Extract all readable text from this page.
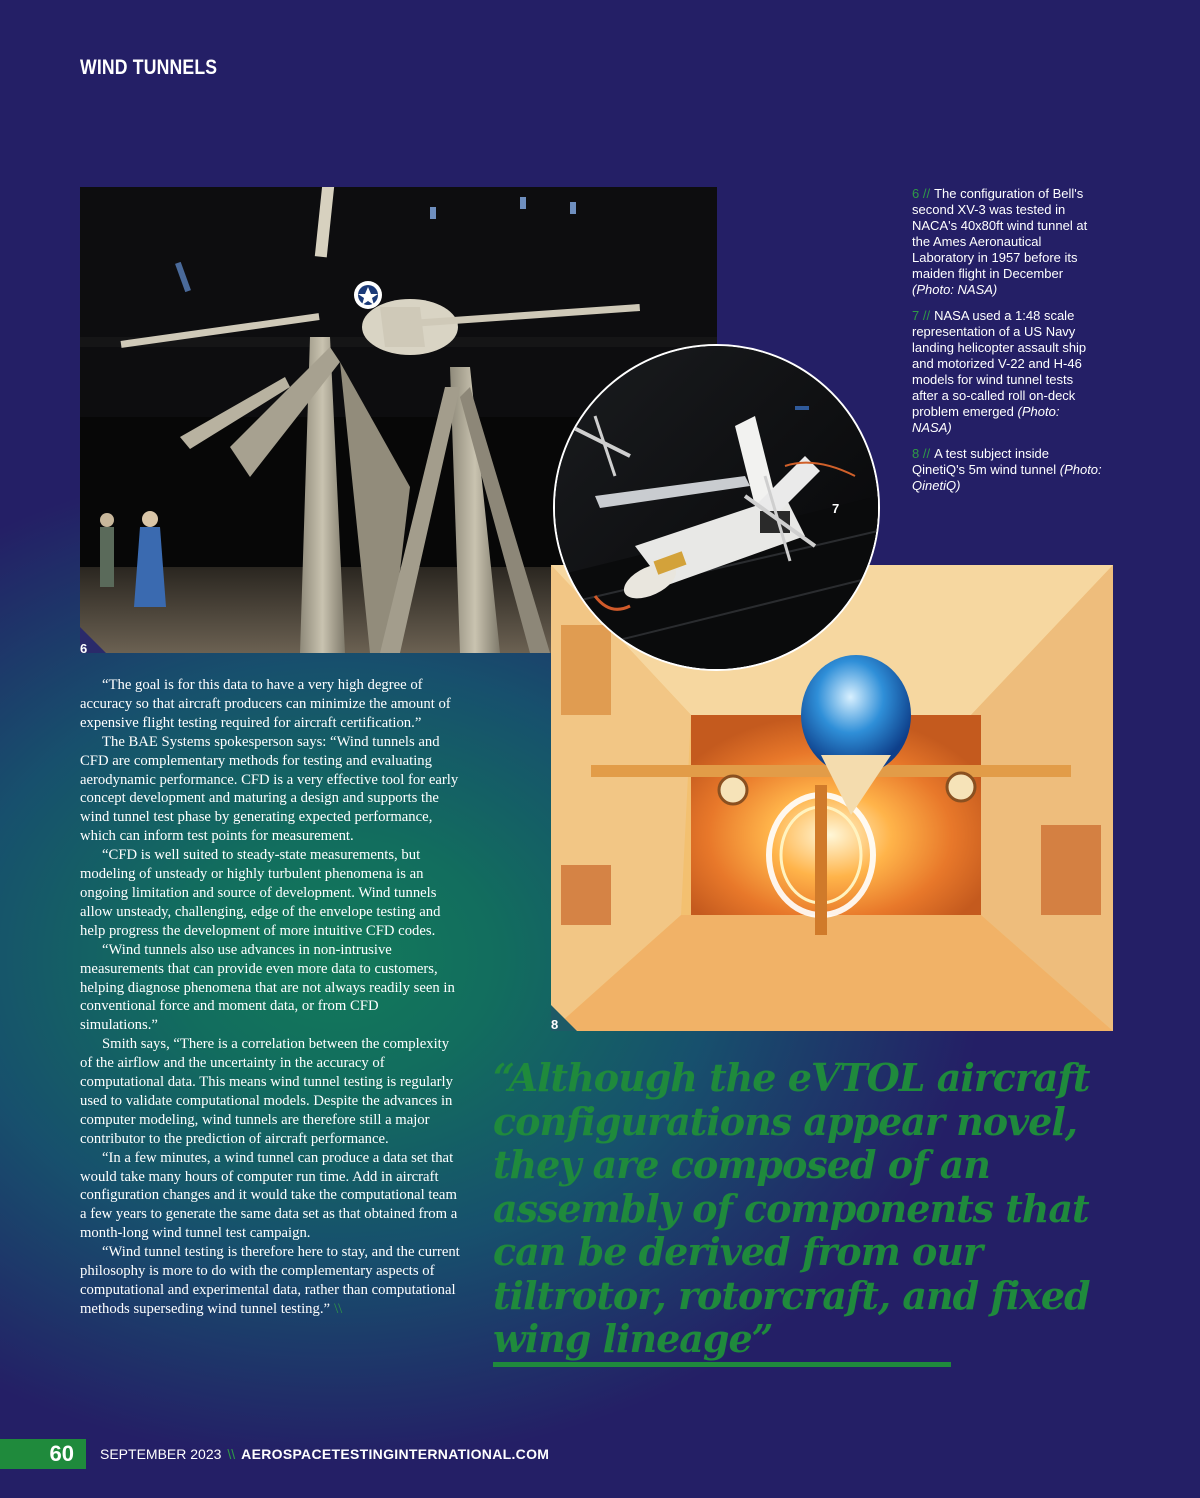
WIND TUNNELS
6
8
7
6 // The configuration of Bell's second XV-3 was tested in NACA's 40x80ft wind tunnel at the Ames Aeronautical Laboratory in 1957 before its maiden flight in December (Photo: NASA)
7 // NASA used a 1:48 scale representation of a US Navy landing helicopter assault ship and motorized V-22 and H-46 models for wind tunnel tests after a so-called roll on-deck problem emerged (Photo: NASA)
8 // A test subject inside QinetiQ's 5m wind tunnel (Photo: QinetiQ)

“The goal is for this data to have a very high degree of accuracy so that aircraft producers can minimize the amount of expensive flight testing required for aircraft certification.”

The BAE Systems spokesperson says: “Wind tunnels and CFD are complementary methods for testing and evaluating aerodynamic performance. CFD is a very effective tool for early concept development and maturing a design and supports the wind tunnel test phase by generating expected performance, which can inform test points for measurement.

“CFD is well suited to steady-state measurements, but modeling of unsteady or highly turbulent phenomena is an ongoing limitation and source of development. Wind tunnels allow unsteady, challenging, edge of the envelope testing and help progress the development of more intuitive CFD codes.

“Wind tunnels also use advances in non-intrusive measurements that can provide even more data to customers, helping diagnose phenomena that are not always readily seen in conventional force and moment data, or from CFD simulations.”

Smith says, “There is a correlation between the complexity of the airflow and the uncertainty in the accuracy of computational data. This means wind tunnel testing is regularly used to validate computational models. Despite the advances in computer modeling, wind tunnels are therefore still a major contributor to the prediction of aircraft performance.

“In a few minutes, a wind tunnel can produce a data set that would take many hours of computer run time. Add in aircraft configuration changes and it would take the computational team a few years to generate the same data set as that obtained from a month-long wind tunnel test campaign.

“Wind tunnel testing is therefore here to stay, and the current philosophy is more to do with the complementary aspects of computational and experimental data, rather than computational methods superseding wind tunnel testing.” \\

“Although the eVTOL aircraft configurations appear novel, they are composed of an assembly of components that can be derived from our tiltrotor, rotorcraft, and fixed wing lineage”
60	SEPTEMBER 2023 \\ AEROSPACETESTINGINTERNATIONAL.COM
